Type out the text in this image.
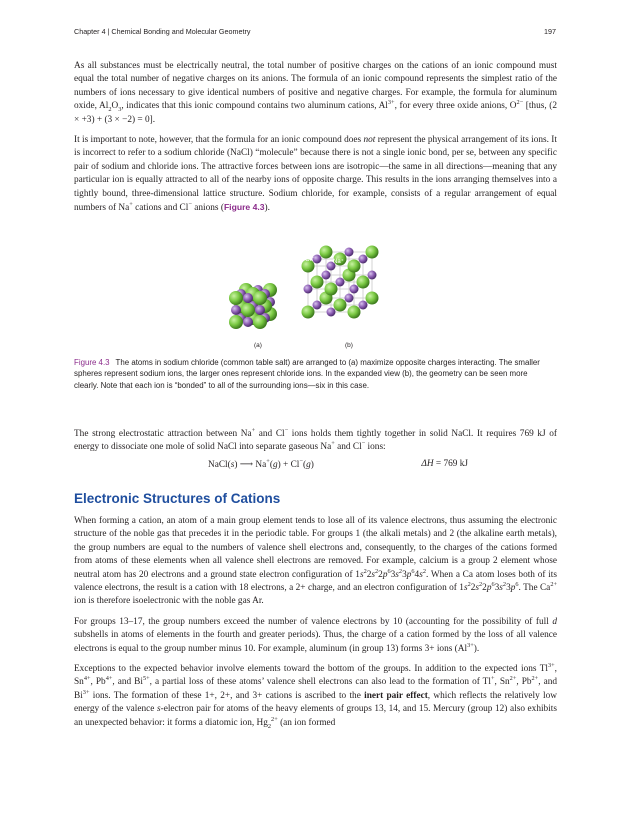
Chapter 4 | Chemical Bonding and Molecular Geometry	197

As all substances must be electrically neutral, the total number of positive charges on the cations of an ionic compound must equal the total number of negative charges on its anions. The formula of an ionic compound represents the simplest ratio of the numbers of ions necessary to give identical numbers of positive and negative charges. For example, the formula for aluminum oxide, $Al_2O_3$, indicates that this ionic compound contains two aluminum cations, $Al^{3+}$, for every three oxide anions, $O^{2-}$ [thus, (2 × +3) + (3 × −2) = 0].

It is important to note, however, that the formula for an ionic compound does not represent the physical arrangement of its ions. It is incorrect to refer to a sodium chloride (NaCl) “molecule” because there is not a single ionic bond, per se, between any specific pair of sodium and chloride ions. The attractive forces between ions are isotropic—the same in all directions—meaning that any particular ion is equally attracted to all of the nearby ions of opposite charge. This results in the ions arranging themselves into a tightly bound, three-dimensional lattice structure. Sodium chloride, for example, consists of a regular arrangement of equal numbers of Na+ cations and Cl− anions (Figure 4.3).

(a)	(b)
Cl⁻	Na⁺
Figure 4.3 The atoms in sodium chloride (common table salt) are arranged to (a) maximize opposite charges interacting. The smaller spheres represent sodium ions, the larger ones represent chloride ions. In the expanded view (b), the geometry can be seen more clearly. Note that each ion is “bonded” to all of the surrounding ions—six in this case.

The strong electrostatic attraction between Na+ and Cl− ions holds them tightly together in solid NaCl. It requires 769 kJ of energy to dissociate one mole of solid NaCl into separate gaseous Na+ and Cl− ions:

NaCl(s) ⟶ Na+(g) + Cl−(g)	ΔH = 769 kJ
Electronic Structures of Cations

When forming a cation, an atom of a main group element tends to lose all of its valence electrons, thus assuming the electronic structure of the noble gas that precedes it in the periodic table. For groups 1 (the alkali metals) and 2 (the alkaline earth metals), the group numbers are equal to the numbers of valence shell electrons and, consequently, to the charges of the cations formed from atoms of these elements when all valence shell electrons are removed. For example, calcium is a group 2 element whose neutral atom has 20 electrons and a ground state electron configuration of $1s^22s^22p^63s^23p^64s^2$. When a Ca atom loses both of its valence electrons, the result is a cation with 18 electrons, a 2+ charge, and an electron configuration of $1s^22s^22p^63s^23p^6$. The $Ca^{2+}$ ion is therefore isoelectronic with the noble gas Ar.

For groups 13–17, the group numbers exceed the number of valence electrons by 10 (accounting for the possibility of full d subshells in atoms of elements in the fourth and greater periods). Thus, the charge of a cation formed by the loss of all valence electrons is equal to the group number minus 10. For example, aluminum (in group 13) forms 3+ ions $(Al^{3+})$.

Exceptions to the expected behavior involve elements toward the bottom of the groups. In addition to the expected ions $Tl^{3+}$, $Sn^{4+}$, $Pb^{4+}$, and $Bi^{5+}$, a partial loss of these atoms’ valence shell electrons can also lead to the formation of Tl+, $Sn^{2+}$, $Pb^{2+}$, and $Bi^{3+}$ ions. The formation of these 1+, 2+, and 3+ cations is ascribed to the inert pair effect, which reflects the relatively low energy of the valence s-electron pair for atoms of the heavy elements of groups 13, 14, and 15. Mercury (group 12) also exhibits an unexpected behavior: it forms a diatomic ion, $Hg_2^{2+}$ (an ion formed
